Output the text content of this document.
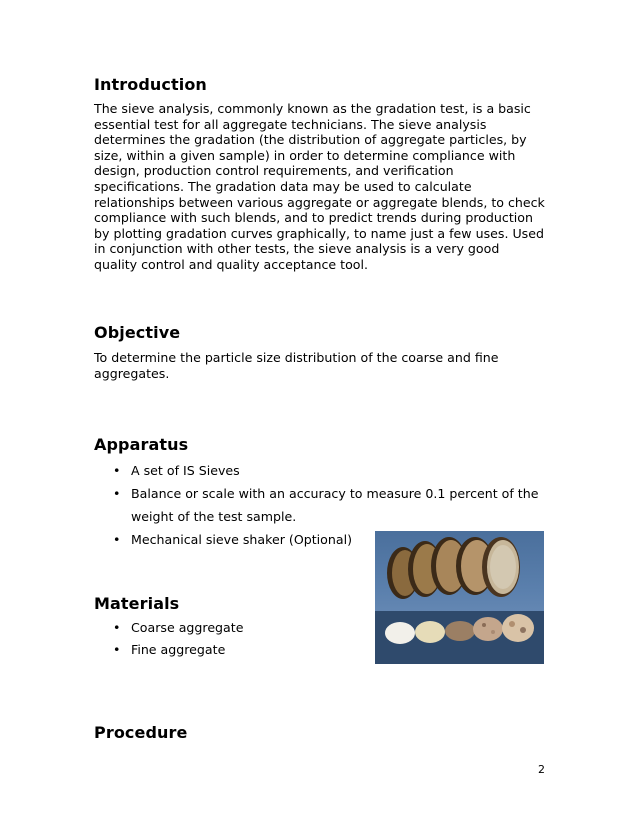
Introduction
The sieve analysis, commonly known as the gradation test, is a basic
essential test for all aggregate technicians. The sieve analysis
determines the gradation (the distribution of aggregate particles, by
size, within a given sample) in order to determine compliance with
design, production control requirements, and verification
specifications. The gradation data may be used to calculate
relationships between various aggregate or aggregate blends, to check
compliance with such blends, and to predict trends during production
by plotting gradation curves graphically, to name just a few uses. Used
in conjunction with other tests, the sieve analysis is a very good
quality control and quality acceptance tool.
Objective
To determine the particle size distribution of the coarse and fine
aggregates.
Apparatus
• A set of IS Sieves
• Balance or scale with an accuracy to measure 0.1 percent of the
weight of the test sample.
• Mechanical sieve shaker (Optional)
Materials
• Coarse aggregate
• Fine aggregate
Procedure
2
